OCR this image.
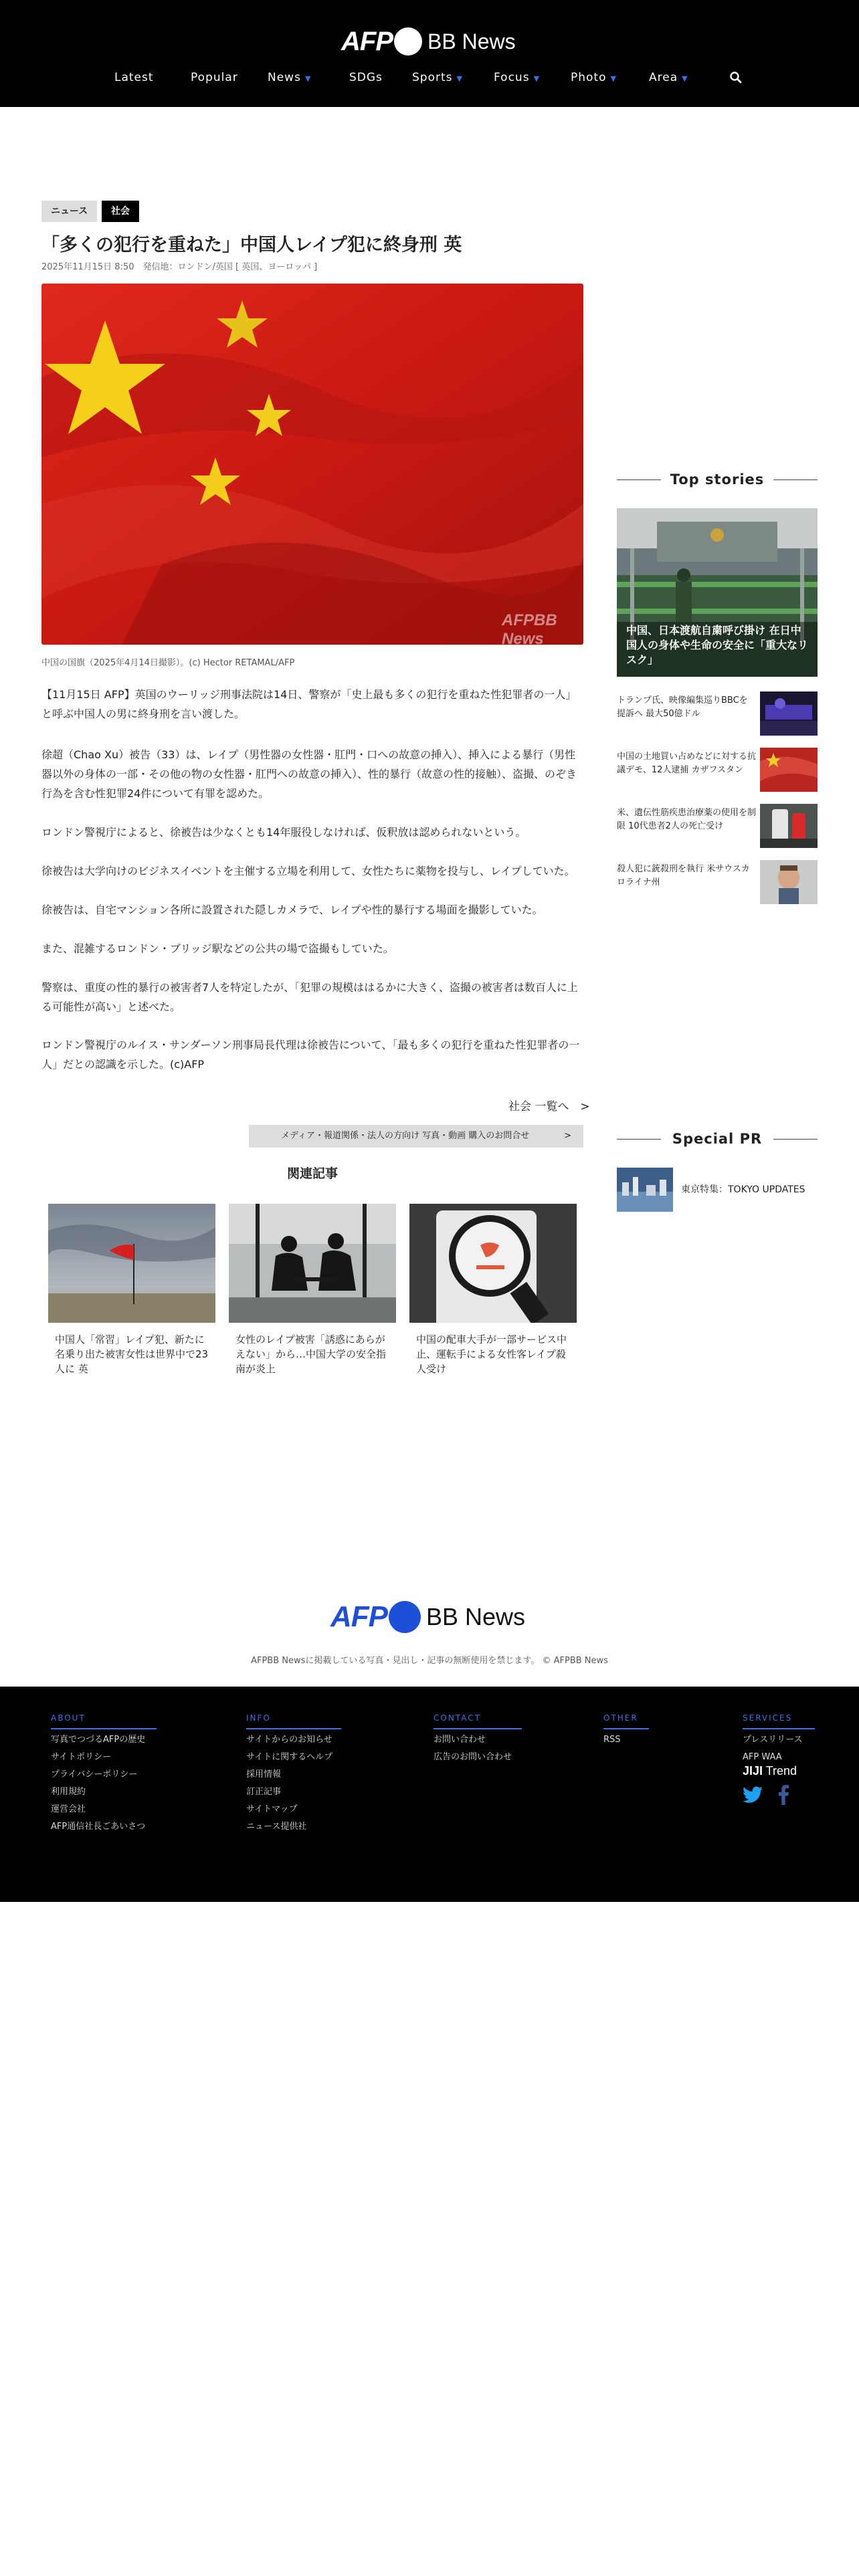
AFP BB News
Latest	Popular	News ▼	SDGs	Sports ▼	Focus ▼	Photo ▼	Area ▼
ニュース	社会
「多くの犯行を重ねた」中国人レイプ犯に終身刑 英
2025年11月15日 8:50　発信地：ロンドン/英国 [ 英国、ヨーロッパ ]
AFPBB News
中国の国旗（2025年4月14日撮影）。(c) Hector RETAMAL/AFP

【11月15日 AFP】英国のウーリッジ刑事法院は14日、警察が「史上最も多くの犯行を重ねた性犯罪者の一人」と呼ぶ中国人の男に終身刑を言い渡した。

徐超（Chao Xu）被告（33）は、レイプ（男性器の女性器・肛門・口への故意の挿入）、挿入による暴行（男性器以外の身体の一部・その他の物の女性器・肛門への故意の挿入）、性的暴行（故意の性的接触）、盗撮、のぞき行為を含む性犯罪24件について有罪を認めた。

ロンドン警視庁によると、徐被告は少なくとも14年服役しなければ、仮釈放は認められないという。

徐被告は大学向けのビジネスイベントを主催する立場を利用して、女性たちに薬物を投与し、レイプしていた。

徐被告は、自宅マンション各所に設置された隠しカメラで、レイプや性的暴行する場面を撮影していた。

また、混雑するロンドン・ブリッジ駅などの公共の場で盗撮もしていた。

警察は、重度の性的暴行の被害者7人を特定したが、「犯罪の規模ははるかに大きく、盗撮の被害者は数百人に上る可能性が高い」と述べた。

ロンドン警視庁のルイス・サンダーソン刑事局長代理は徐被告について、「最も多くの犯行を重ねた性犯罪者の一人」だとの認識を示した。(c)AFP

社会 一覧へ　>
メディア・報道関係・法人の方向け 写真・動画 購入のお問合せ	>
関連記事
中国人「常習」レイプ犯、新たに名乗り出た被害女性は世界中で23人に 英
女性のレイプ被害「誘惑にあらがえない」から…中国大学の安全指南が炎上
中国の配車大手が一部サービス中止、運転手による女性客レイプ殺人受け
Top stories
中国、日本渡航自粛呼び掛け 在日中国人の身体や生命の安全に「重大なリスク」
トランプ氏、映像編集巡りBBCを提訴へ 最大50億ドル
中国の土地買い占めなどに対する抗議デモ、12人逮捕 カザフスタン
米、遺伝性筋疾患治療薬の使用を制限 10代患者2人の死亡受け
殺人犯に銃殺刑を執行 米サウスカロライナ州
Special PR
東京特集：TOKYO UPDATES
AFP BB News
AFPBB Newsに掲載している写真・見出し・記事の無断使用を禁じます。 © AFPBB News
ABOUT
写真でつづるAFPの歴史
サイトポリシー
プライバシーポリシー
利用規約
運営会社
AFP通信社長ごあいさつ
INFO
サイトからのお知らせ
サイトに関するヘルプ
採用情報
訂正記事
サイトマップ
ニュース提供社
CONTACT
お問い合わせ
広告のお問い合わせ
OTHER
RSS
SERVICES
プレスリリース
AFP WAA
JIJI Trend
